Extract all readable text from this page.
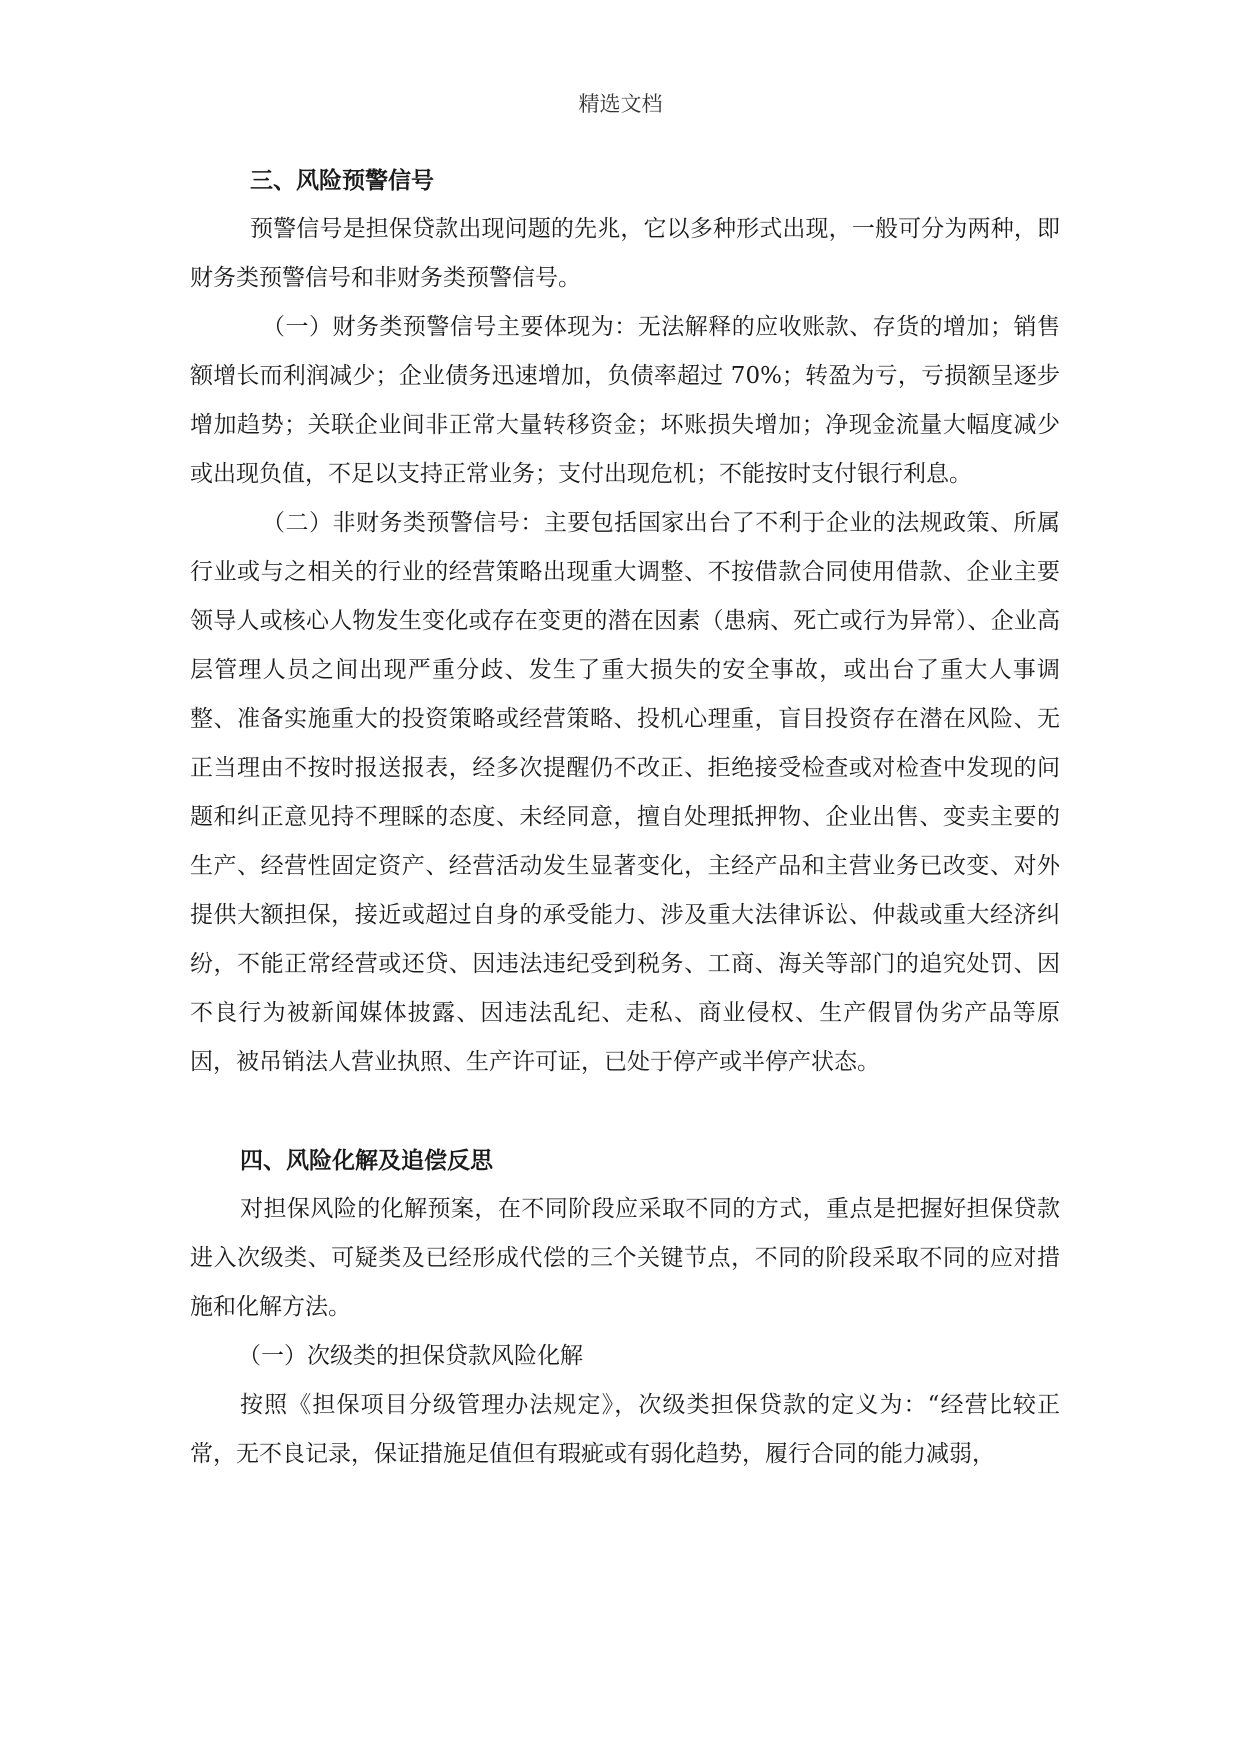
精选文档

三、风险预警信号

预警信号是担保贷款出现问题的先兆，它以多种形式出现，一般可分为两种，即财务类预警信号和非财务类预警信号。

（一）财务类预警信号主要体现为：无法解释的应收账款、存货的增加；销售额增长而利润减少；企业债务迅速增加，负债率超过 70%；转盈为亏，亏损额呈逐步增加趋势；关联企业间非正常大量转移资金；坏账损失增加；净现金流量大幅度减少或出现负值，不足以支持正常业务；支付出现危机；不能按时支付银行利息。

（二）非财务类预警信号：主要包括国家出台了不利于企业的法规政策、所属行业或与之相关的行业的经营策略出现重大调整、不按借款合同使用借款、企业主要领导人或核心人物发生变化或存在变更的潜在因素（患病、死亡或行为异常）、企业高层管理人员之间出现严重分歧、发生了重大损失的安全事故，或出台了重大人事调整、准备实施重大的投资策略或经营策略、投机心理重，盲目投资存在潜在风险、无正当理由不按时报送报表，经多次提醒仍不改正、拒绝接受检查或对检查中发现的问题和纠正意见持不理睬的态度、未经同意，擅自处理抵押物、企业出售、变卖主要的生产、经营性固定资产、经营活动发生显著变化，主经产品和主营业务已改变、对外提供大额担保，接近或超过自身的承受能力、涉及重大法律诉讼、仲裁或重大经济纠纷，不能正常经营或还贷、因违法违纪受到税务、工商、海关等部门的追究处罚、因不良行为被新闻媒体披露、因违法乱纪、走私、商业侵权、生产假冒伪劣产品等原因，被吊销法人营业执照、生产许可证，已处于停产或半停产状态。

四、风险化解及追偿反思

对担保风险的化解预案，在不同阶段应采取不同的方式，重点是把握好担保贷款进入次级类、可疑类及已经形成代偿的三个关键节点，不同的阶段采取不同的应对措施和化解方法。

（一）次级类的担保贷款风险化解

按照《担保项目分级管理办法规定》，次级类担保贷款的定义为：“经营比较正常，无不良记录，保证措施足值但有瑕疵或有弱化趋势，履行合同的能力减弱，
